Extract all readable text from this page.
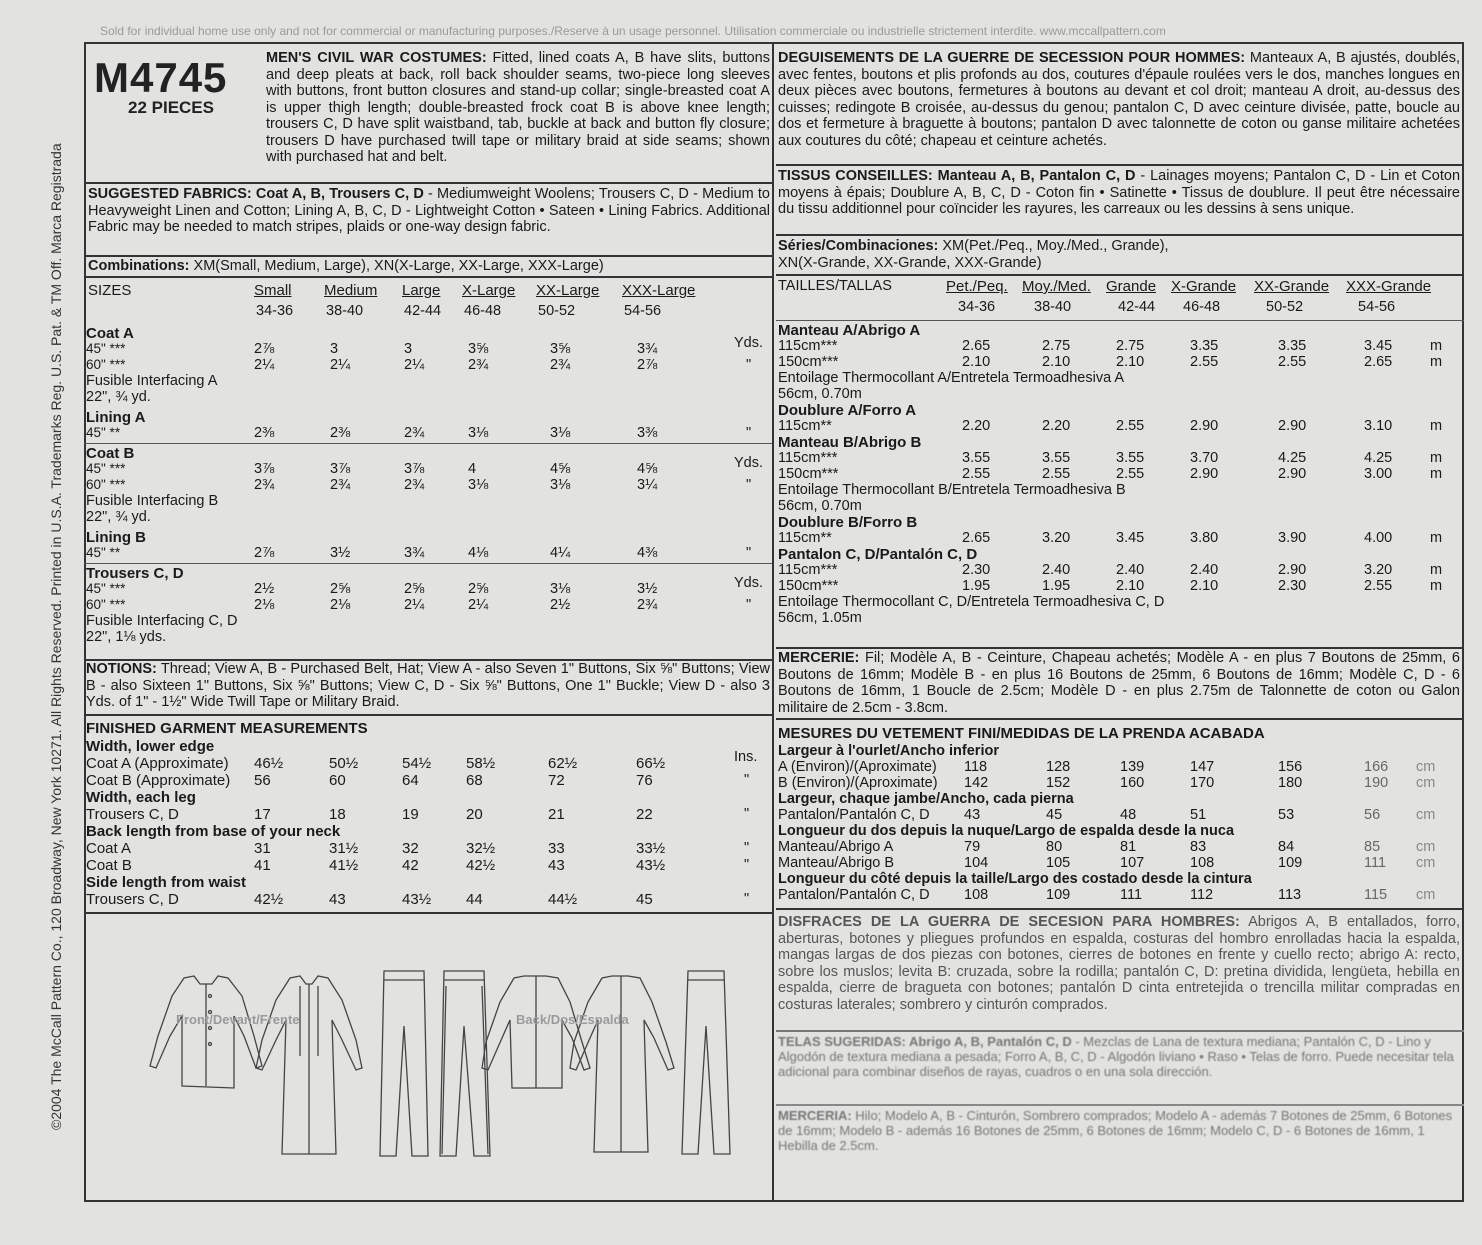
Sold for individual home use only and not for commercial or manufacturing purposes./Reserve à un usage personnel. Utilisation commerciale ou industrielle strictement interdite. www.mccallpattern.com
©2004 The McCall Pattern Co., 120 Broadway, New York 10271. All Rights Reserved. Printed in U.S.A. Trademarks Reg. U.S. Pat. & TM Off. Marca Registrada
M4745
22 PIECES
MEN'S CIVIL WAR COSTUMES: Fitted, lined coats A, B have slits, buttons and deep pleats at back, roll back shoulder seams, two-piece long sleeves with buttons, front button closures and stand-up collar; single-breasted coat A is upper thigh length; double-breasted frock coat B is above knee length; trousers C, D have split waistband, tab, buckle at back and button fly closure; trousers D have purchased twill tape or military braid at side seams; shown with purchased hat and belt.
SUGGESTED FABRICS: Coat A, B, Trousers C, D - Mediumweight Woolens; Trousers C, D - Medium to Heavyweight Linen and Cotton; Lining A, B, C, D - Lightweight Cotton • Sateen • Lining Fabrics. Additional Fabric may be needed to match stripes, plaids or one-way design fabric.
Combinations: XM(Small, Medium, Large), XN(X-Large, XX-Large, XXX-Large)
SIZES	Small Medium Large X-Large XX-Large XXX-Large
34-36 38-40	42-44 46-48	50-52	54-56
Coat A
45" ***	2⅞	3	3	3⅝	3⅝	3¾	Yds.
60" ***	2¼	2¼	2¼	2¾	2¾	2⅞	"
Fusible Interfacing A
22", ¾ yd.
Lining A
45" **	2⅜	2⅜	2¾	3⅛	3⅛	3⅜	"
Coat B
45" ***	3⅞	3⅞	3⅞	4	4⅝	4⅝	Yds.
60" ***	2¾	2¾	2¾	3⅛	3⅛	3¼	"
Fusible Interfacing B
22", ¾ yd.
Lining B
45" **	2⅞	3½	3¾	4⅛	4¼	4⅜	"
Trousers C, D
45" ***	2½	2⅝	2⅝	2⅝	3⅛	3½	Yds.
60" ***	2⅛	2⅛	2¼	2¼	2½	2¾	"
Fusible Interfacing C, D
22", 1⅛ yds.
NOTIONS: Thread; View A, B - Purchased Belt, Hat; View A - also Seven 1" Buttons, Six ⅝" Buttons; View B - also Sixteen 1" Buttons, Six ⅝" Buttons; View C, D - Six ⅝" Buttons, One 1" Buckle; View D - also 3 Yds. of 1" - 1½" Wide Twill Tape or Military Braid.
FINISHED GARMENT MEASUREMENTS
Width, lower edge
Coat A (Approximate) 46½	50½	54½ 58½	62½	66½	Ins.
Coat B (Approximate) 56	60	64	68	72	76	"
Width, each leg
Trousers C, D	17	18	19	20	21	22	"
Back length from base of your neck
Coat A	31	31½	32	32½	33	33½	"
Coat B	41	41½	42	42½	43	43½	"
Side length from waist
Trousers C, D	42½	43	43½ 44	44½	45	"
Front/Devant/Frente	Back/Dos/Espalda
DEGUISEMENTS DE LA GUERRE DE SECESSION POUR HOMMES: Manteaux A, B ajustés, doublés, avec fentes, boutons et plis profonds au dos, coutures d'épaule roulées vers le dos, manches longues en deux pièces avec boutons, fermetures à boutons au devant et col droit; manteau A droit, au-dessus des cuisses; redingote B croisée, au-dessus du genou; pantalon C, D avec ceinture divisée, patte, boucle au dos et fermeture à braguette à boutons; pantalon D avec talonnette de coton ou ganse militaire achetées aux coutures du côté; chapeau et ceinture achetés.
TISSUS CONSEILLES: Manteau A, B, Pantalon C, D - Lainages moyens; Pantalon C, D - Lin et Coton moyens à épais; Doublure A, B, C, D - Coton fin • Satinette • Tissus de doublure. Il peut être nécessaire du tissu additionnel pour coïncider les rayures, les carreaux ou les dessins à sens unique.
Séries/Combinaciones: XM(Pet./Peq., Moy./Med., Grande),
XN(X-Grande, XX-Grande, XXX-Grande)
TAILLES/TALLAS	Pet./Peq. Moy./Med. Grande X-Grande XX-Grande XXX-Grande
34-36	38-40	42-44 46-48	50-52	54-56
Manteau A/Abrigo A
115cm***	2.65	2.75	2.75	3.35	3.35	3.45	m
150cm***	2.10	2.10	2.10	2.55	2.55	2.65	m
Entoilage Thermocollant A/Entretela Termoadhesiva A
56cm, 0.70m
Doublure A/Forro A
115cm**	2.20	2.20	2.55	2.90	2.90	3.10	m
Manteau B/Abrigo B
115cm***	3.55	3.55	3.55	3.70	4.25	4.25	m
150cm***	2.55	2.55	2.55	2.90	2.90	3.00	m
Entoilage Thermocollant B/Entretela Termoadhesiva B
56cm, 0.70m
Doublure B/Forro B
115cm**	2.65	3.20	3.45	3.80	3.90	4.00	m
Pantalon C, D/Pantalón C, D
115cm***	2.30	2.40	2.40	2.40	2.90	3.20	m
150cm***	1.95	1.95	2.10	2.10	2.30	2.55	m
Entoilage Thermocollant C, D/Entretela Termoadhesiva C, D
56cm, 1.05m
MERCERIE: Fil; Modèle A, B - Ceinture, Chapeau achetés; Modèle A - en plus 7 Boutons de 25mm, 6 Boutons de 16mm; Modèle B - en plus 16 Boutons de 25mm, 6 Boutons de 16mm; Modèle C, D - 6 Boutons de 16mm, 1 Boucle de 2.5cm; Modèle D - en plus 2.75m de Talonnette de coton ou Galon militaire de 2.5cm - 3.8cm.
MESURES DU VETEMENT FINI/MEDIDAS DE LA PRENDA ACABADA
Largeur à l'ourlet/Ancho inferior
A (Environ)/(Aproximate) 118	128	139	147	156	166 cm
B (Environ)/(Aproximate) 142	152	160	170	180	190 cm
Largeur, chaque jambe/Ancho, cada pierna
Pantalon/Pantalón C, D 43	45	48	51	53	56 cm
Longueur du dos depuis la nuque/Largo de espalda desde la nuca
Manteau/Abrigo A	79	80	81	83	84	85 cm
Manteau/Abrigo B	104	105	107	108	109	111 cm
Longueur du côté depuis la taille/Largo des costado desde la cintura
Pantalon/Pantalón C, D 108	109	111	112	113	115 cm
DISFRACES DE LA GUERRA DE SECESION PARA HOMBRES: Abrigos A, B entallados, forro, aberturas, botones y pliegues profundos en espalda, costuras del hombro enrolladas hacia la espalda, mangas largas de dos piezas con botones, cierres de botones en frente y cuello recto; abrigo A: recto, sobre los muslos; levita B: cruzada, sobre la rodilla; pantalón C, D: pretina dividida, lengüeta, hebilla en espalda, cierre de bragueta con botones; pantalón D cinta entretejida o trencilla militar compradas en costuras laterales; sombrero y cinturón comprados.
TELAS SUGERIDAS: Abrigo A, B, Pantalón C, D - Mezclas de Lana de textura mediana; Pantalón C, D - Lino y Algodón de textura mediana a pesada; Forro A, B, C, D - Algodón liviano • Raso • Telas de forro. Puede necesitar tela adicional para combinar diseños de rayas, cuadros o en una sola dirección.
MERCERIA: Hilo; Modelo A, B - Cinturón, Sombrero comprados; Modelo A - además 7 Botones de 25mm, 6 Botones de 16mm; Modelo B - además 16 Botones de 25mm, 6 Botones de 16mm; Modelo C, D - 6 Botones de 16mm, 1 Hebilla de 2.5cm.
